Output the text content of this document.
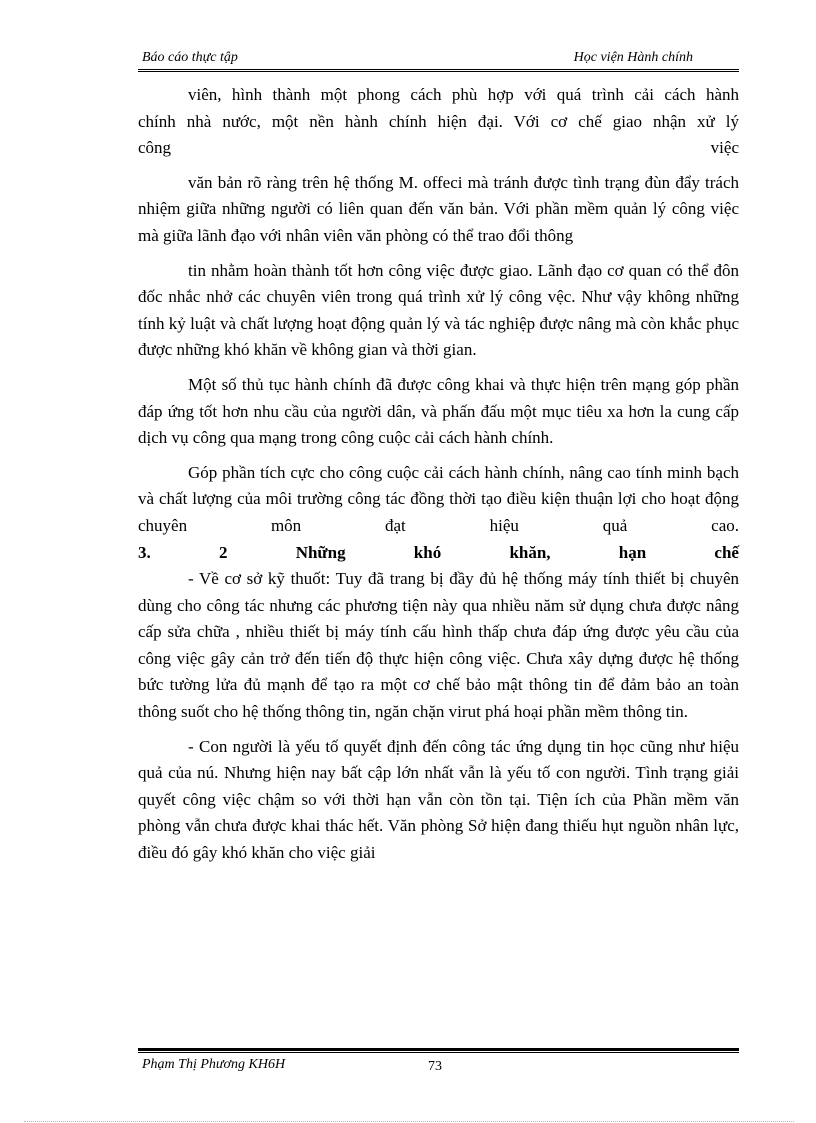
Báo cáo thực tập	Học viện Hành chính

viên, hình thành một phong cách phù hợp với quá trình cải cách hành

chính nhà nước, một nền hành chính hiện đại. Với cơ chế giao nhận xử lý

công	việc

văn bản rõ ràng trên hệ thống M. offeci mà tránh được tình trạng đùn đẩy trách nhiệm giữa những người có liên quan đến văn bản. Với phần mềm quản lý công việc mà giữa lãnh đạo với nhân viên văn phòng có thể trao đổi thông

tin nhằm hoàn thành tốt hơn công việc được giao. Lãnh đạo cơ quan có thể đôn đốc nhắc nhở các chuyên viên trong quá trình xử lý công vệc. Như vậy không những tính kỷ luật và chất lượng hoạt động quản lý và tác nghiệp được nâng mà còn khắc phục được những khó khăn về không gian và thời gian.

Một số thủ tục hành chính đã được công khai và thực hiện trên mạng góp phần đáp ứng tốt hơn nhu cầu của người dân, và phấn đấu một mục tiêu xa hơn la cung cấp dịch vụ công qua mạng trong công cuộc cải cách hành chính.

Góp phần tích cực cho công cuộc cải cách hành chính, nâng cao tính minh bạch và chất lượng của môi trường công tác đồng thời tạo điều kiện thuận lợi cho hoạt động chuyên môn đạt hiệu quả cao.

3.	2	Những	khó	khăn,	hạn	chế

- Về cơ sở kỹ thuốt: Tuy đã trang bị đầy đủ hệ thống máy tính thiết bị chuyên dùng cho công tác nhưng các phương tiện này qua nhiều năm sử dụng chưa được nâng cấp sửa chữa , nhiều thiết bị máy tính cấu hình thấp chưa đáp ứng được yêu cầu của công việc gây cản trở đến tiến độ thực hiện công việc. Chưa xây dựng được hệ thống bức tường lửa đủ mạnh để tạo ra một cơ chế bảo mật thông tin để đảm bảo an toàn thông suốt cho hệ thống thông tin, ngăn chặn virut phá hoại phần mềm thông tin.

- Con người là yếu tố quyết định đến công tác ứng dụng tin học cũng như hiệu quả của nú. Nhưng hiện nay bất cập lớn nhất vẫn là yếu tố con người. Tình trạng giải quyết công việc chậm so với thời hạn vẫn còn tồn tại. Tiện ích của Phần mềm văn phòng vẫn chưa được khai thác hết. Văn phòng Sở hiện đang thiếu hụt nguồn nhân lực, điều đó gây khó khăn cho việc giải

Phạm Thị Phương KH6H	73
